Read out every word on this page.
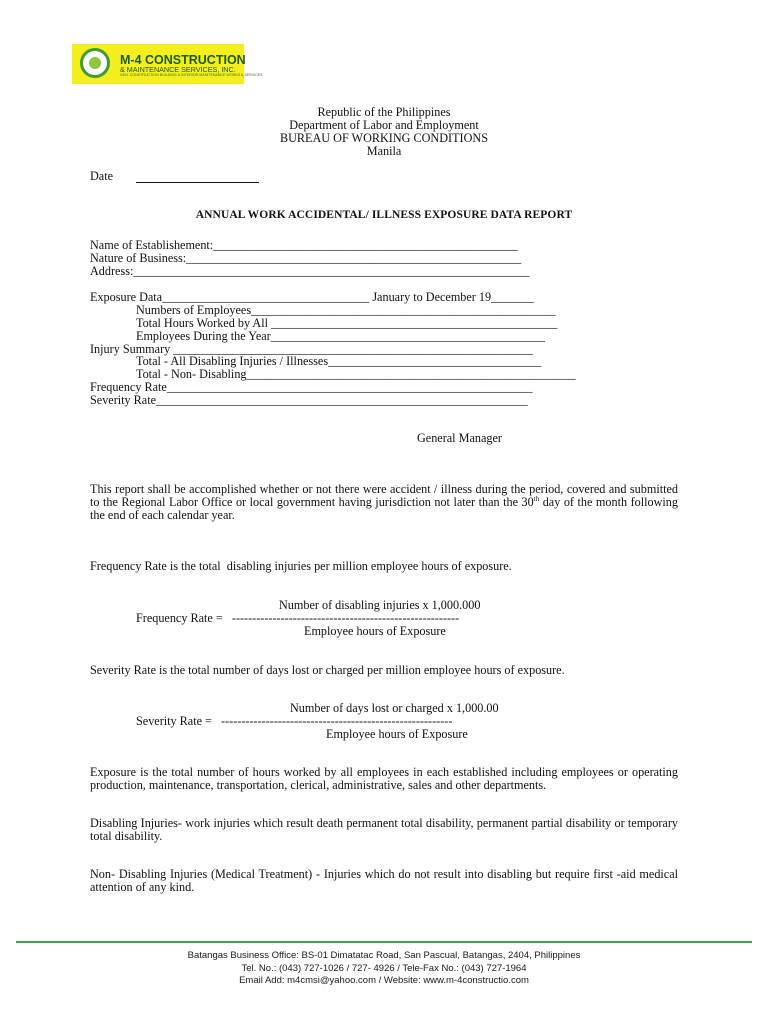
M-4 CONSTRUCTION
& MAINTENANCE SERVICES, INC.
GEN. CONSTRUCTION BUILDING & INTERIOR MAINTENANCE WORKS & SERVICES
Republic of the Philippines
Department of Labor and Employment
BUREAU OF WORKING CONDITIONS
Manila
Date
ANNUAL WORK ACCIDENTAL/ ILLNESS EXPOSURE DATA REPORT
Name of Establishement:__________________________________________________
Nature of Business:_______________________________________________________
Address:_________________________________________________________________
Exposure Data__________________________________ January to December 19_______
Numbers of Employees__________________________________________________
Total Hours Worked by All _______________________________________________
Employees During the Year_____________________________________________
Injury Summary ___________________________________________________________
Total - All Disabling Injuries / Illnesses___________________________________
Total - Non- Disabling______________________________________________________
Frequency Rate____________________________________________________________
Severity Rate_____________________________________________________________
General Manager
This report shall be accomplished whether or not there were accident / illness during the period, covered and submitted to the Regional Labor Office or local government having jurisdiction not later than the 30th day of the month following the end of each calendar year.
Frequency Rate is the total  disabling injuries per million employee hours of exposure.
Number of disabling injuries x 1,000.000
Frequency Rate =   --------------------------------------------------------
Employee hours of Exposure
Severity Rate is the total number of days lost or charged per million employee hours of exposure.
Number of days lost or charged x 1,000.00
Severity Rate =   ---------------------------------------------------------
Employee hours of Exposure
Exposure is the total number of hours worked by all employees in each established including employees or operating production, maintenance, transportation, clerical, administrative, sales and other departments.
Disabling Injuries- work injuries which result death permanent total disability, permanent partial disability or temporary total disability.
Non- Disabling Injuries (Medical Treatment) - Injuries which do not result into disabling but require first -aid medical attention of any kind.
Batangas Business Office: BS-01 Dimatatac Road, San Pascual, Batangas, 2404, Philippines
Tel. No.: (043) 727-1026 / 727- 4926 / Tele-Fax No.: (043) 727-1964
Email Add: m4cmsi@yahoo.com / Website: www.m-4constructio.com
